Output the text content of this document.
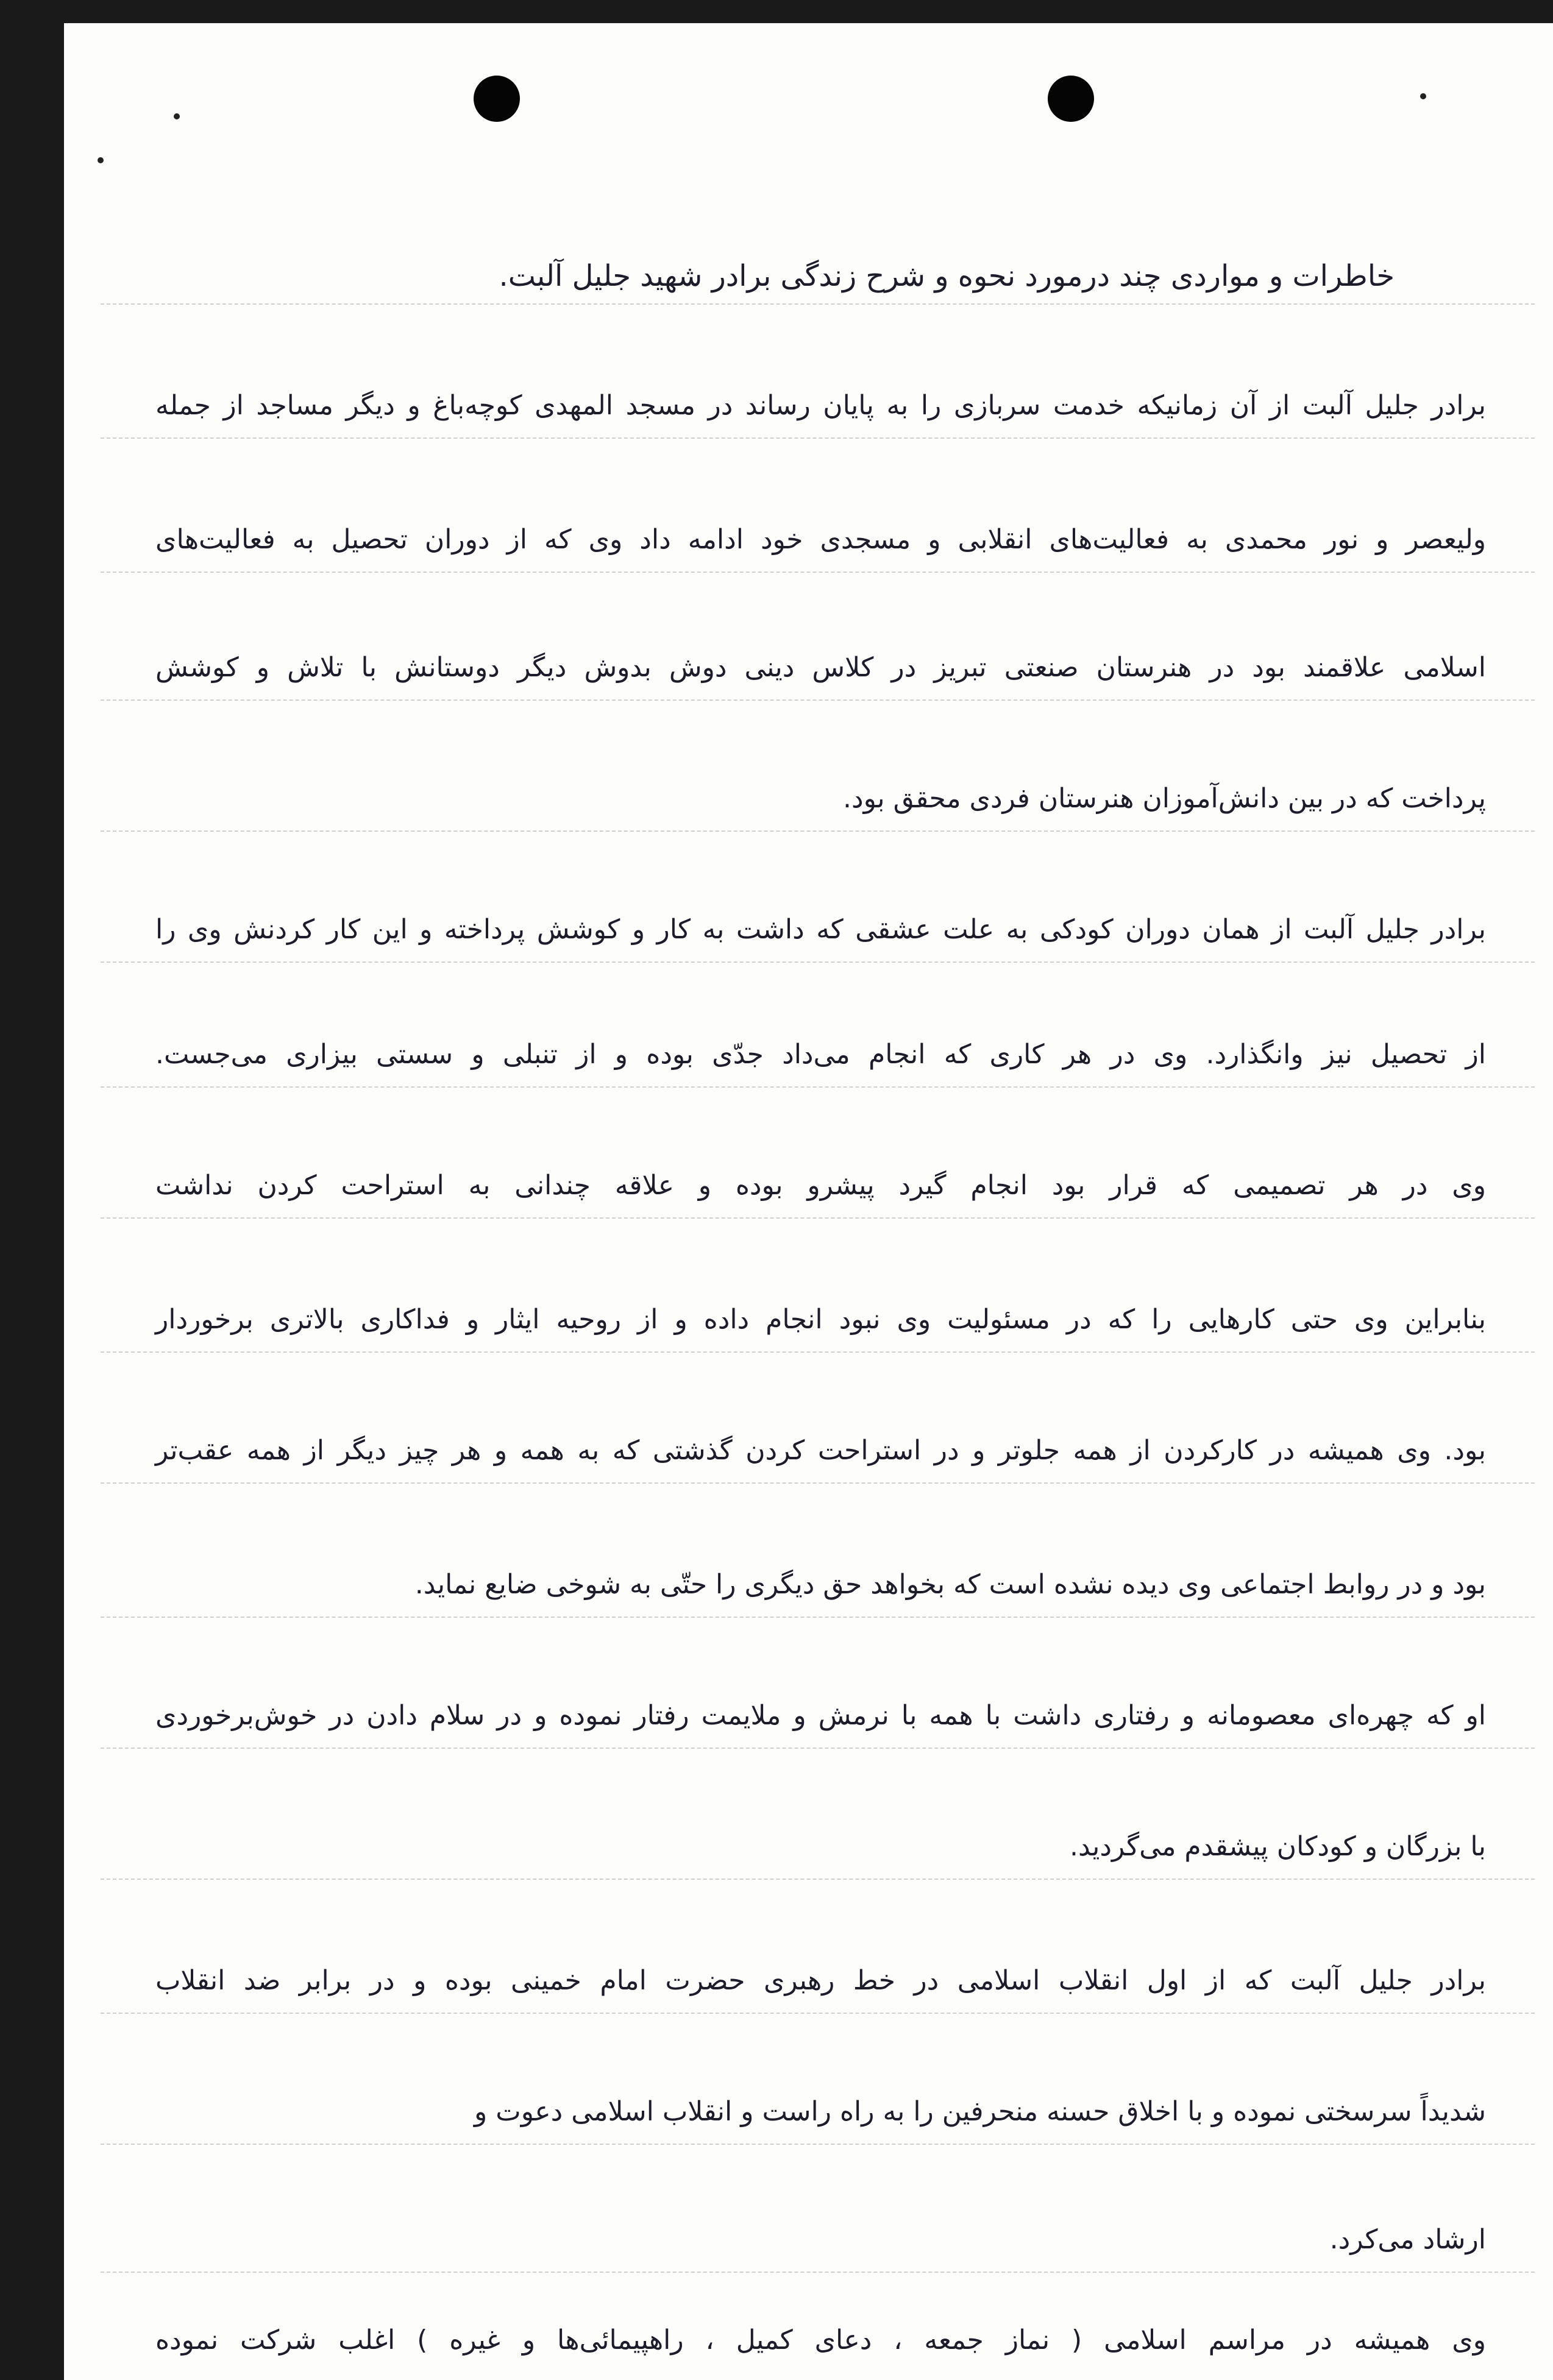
خاطرات و مواردی چند درمورد نحوه و شرح زندگی برادر شهید جلیل آلبت.
برادر جلیل آلبت از آن زمانیکه خدمت سربازی را به پایان رساند در مسجد المهدی کوچه‌باغ و دیگر مساجد از جمله
ولیعصر و نور محمدی به فعالیت‌های انقلابی و مسجدی خود ادامه داد وی که از دوران تحصیل به فعالیت‌های
اسلامی علاقمند بود در هنرستان صنعتی تبریز در کلاس دینی دوش بدوش دیگر دوستانش با تلاش و کوشش
پرداخت که در بین دانش‌آموزان هنرستان فردی محقق بود.
برادر جلیل آلبت از همان دوران کودکی به علت عشقی که داشت به کار و کوشش پرداخته و این کار کردنش وی را
از تحصیل نیز وانگذارد. وی در هر کاری که انجام می‌داد جدّی بوده و از تنبلی و سستی بیزاری می‌جست.
وی در هر تصمیمی که قرار بود انجام گیرد پیشرو بوده و علاقه چندانی به استراحت کردن نداشت
بنابراین وی حتی کارهایی را که در مسئولیت وی نبود انجام داده و از روحیه ایثار و فداکاری بالاتری برخوردار
بود. وی همیشه در کارکردن از همه جلوتر و در استراحت کردن گذشتی که به همه و هر چیز دیگر از همه عقب‌تر
بود و در روابط اجتماعی وی دیده نشده است که بخواهد حق دیگری را حتّی به شوخی ضایع نماید.
او که چهره‌ای معصومانه و رفتاری داشت با همه با نرمش و ملایمت رفتار نموده و در سلام دادن در خوش‌برخوردی
با بزرگان و کودکان پیشقدم می‌گردید.
برادر جلیل آلبت که از اول انقلاب اسلامی در خط رهبری حضرت امام خمینی بوده و در برابر ضد انقلاب
شدیداً سرسختی نموده و با اخلاق حسنه منحرفین را به راه راست و انقلاب اسلامی دعوت و
ارشاد می‌کرد.
وی همیشه در مراسم اسلامی ( نماز جمعه ، دعای کمیل ، راهپیمائی‌ها و غیره ) اغلب شرکت نموده
